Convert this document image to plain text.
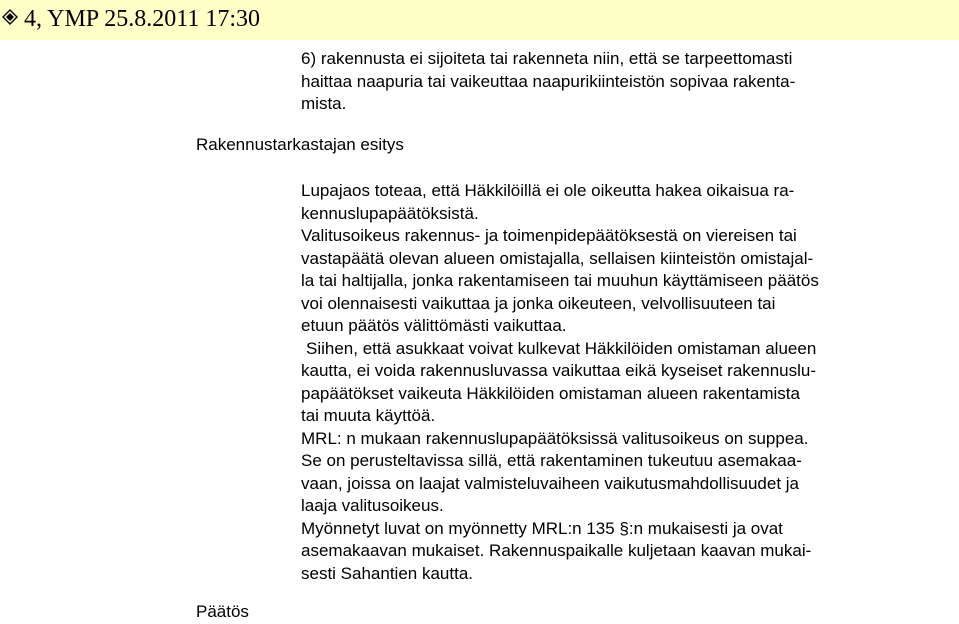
4, YMP 25.8.2011 17:30
6) rakennusta ei sijoiteta tai rakenneta niin, että se tarpeettomasti
haittaa naapuria tai vaikeuttaa naapurikiinteistön sopivaa rakenta-
mista.
Rakennustarkastajan esitys
Lupajaos toteaa, että Häkkilöillä ei ole oikeutta hakea oikaisua ra-
kennuslupapäätöksistä.
Valitusoikeus rakennus- ja toimenpidepäätöksestä on viereisen tai
vastapäätä olevan alueen omistajalla, sellaisen kiinteistön omistajal-
la tai haltijalla, jonka rakentamiseen tai muuhun käyttämiseen päätös
voi olennaisesti vaikuttaa ja jonka oikeuteen, velvollisuuteen tai
etuun päätös välittömästi vaikuttaa.
Siihen, että asukkaat voivat kulkevat Häkkilöiden omistaman alueen
kautta, ei voida rakennusluvassa vaikuttaa eikä kyseiset rakennuslu-
papäätökset vaikeuta Häkkilöiden omistaman alueen rakentamista
tai muuta käyttöä.
MRL: n mukaan rakennuslupapäätöksissä valitusoikeus on suppea.
Se on perusteltavissa sillä, että rakentaminen tukeutuu asemakaa-
vaan, joissa on laajat valmisteluvaiheen vaikutusmahdollisuudet ja
laaja valitusoikeus.
Myönnetyt luvat on myönnetty MRL:n 135 §:n mukaisesti ja ovat
asemakaavan mukaiset. Rakennuspaikalle kuljetaan kaavan mukai-
sesti Sahantien kautta.
Päätös
